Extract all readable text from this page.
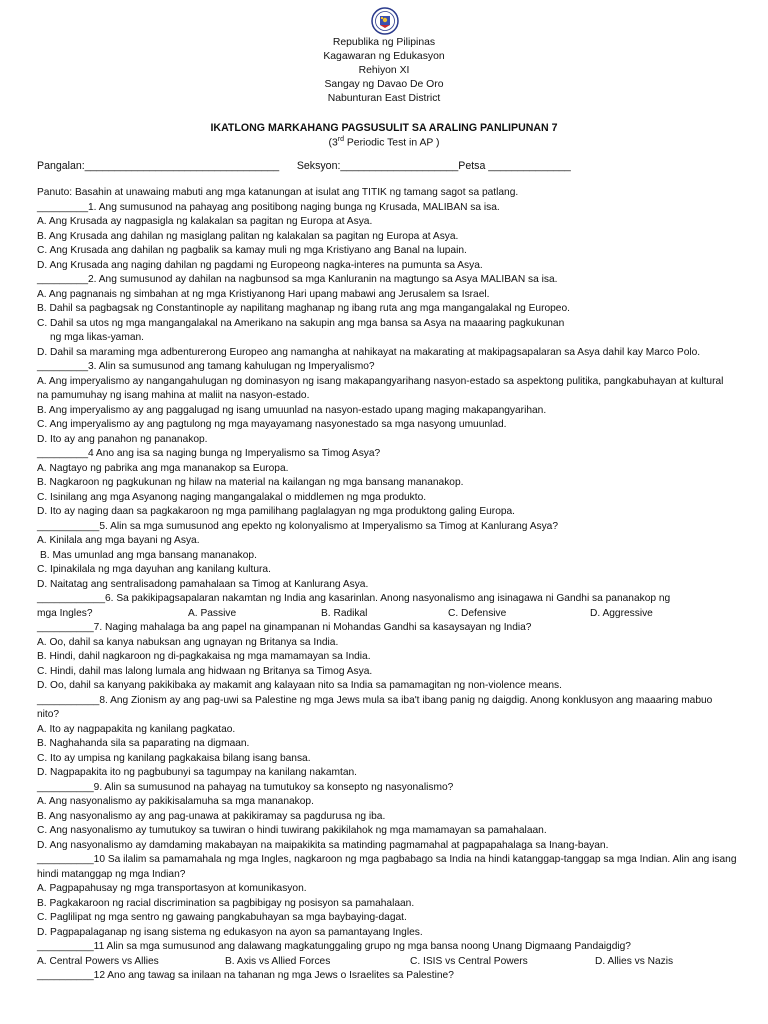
Republika ng Pilipinas
Kagawaran ng Edukasyon
Rehiyon XI
Sangay ng Davao De Oro
Nabunturan East District
IKATLONG MARKAHANG PAGSUSULIT SA ARALING PANLIPUNAN 7
(3rd Periodic Test in AP )
Pangalan:_________________________________ Seksyon:____________________Petsa ______________
Panuto: Basahin at unawaing mabuti ang mga katanungan at isulat ang TITIK ng tamang sagot sa patlang.
_________1. Ang sumusunod na pahayag ang positibong naging bunga ng Krusada, MALIBAN sa isa.
A. Ang Krusada ay nagpasigla ng kalakalan sa pagitan ng Europa at Asya.
B. Ang Krusada ang dahilan ng masiglang palitan ng kalakalan sa pagitan ng Europa at Asya.
C. Ang Krusada ang dahilan ng pagbalik sa kamay muli ng mga Kristiyano ang Banal na lupain.
D. Ang Krusada ang naging dahilan ng pagdami ng Europeong nagka-interes na pumunta sa Asya.
_________2. Ang sumusunod ay dahilan na nagbunsod sa mga Kanluranin na magtungo sa Asya MALIBAN sa isa.
A. Ang pagnanais ng simbahan at ng mga Kristiyanong Hari upang mabawi ang Jerusalem sa Israel.
B. Dahil sa pagbagsak ng Constantinople ay napilitang maghanap ng ibang ruta ang mga mangangalakal ng Europeo.
C. Dahil sa utos ng mga mangangalakal na Amerikano na sakupin ang mga bansa sa Asya na maaaring pagkukunan
ng mga likas-yaman.
D. Dahil sa maraming mga adbenturerong Europeo ang namangha at nahikayat na makarating at makipagsapalaran sa Asya dahil kay Marco Polo.
_________3. Alin sa sumusunod ang tamang kahulugan ng Imperyalismo?
A. Ang imperyalismo ay nangangahulugan ng dominasyon ng isang makapangyarihang nasyon-estado sa aspektong pulitika, pangkabuhayan at kultural na pamumuhay ng isang mahina at maliit na nasyon-estado.
B. Ang imperyalismo ay ang paggalugad ng isang umuunlad na nasyon-estado upang maging makapangyarihan.
C. Ang imperyalismo ay ang pagtulong ng mga mayayamang nasyonestado sa mga nasyong umuunlad.
D. Ito ay ang panahon ng pananakop.
_________4 Ano ang isa sa naging bunga ng Imperyalismo sa Timog Asya?
A. Nagtayo ng pabrika ang mga mananakop sa Europa.
B. Nagkaroon ng pagkukunan ng hilaw na material na kailangan ng mga bansang mananakop.
C. Isinilang ang mga Asyanong naging mangangalakal o middlemen ng mga produkto.
D. Ito ay naging daan sa pagkakaroon ng mga pamilihang paglalagyan ng mga produktong galing Europa.
___________5. Alin sa mga sumusunod ang epekto ng kolonyalismo at Imperyalismo sa Timog at Kanlurang Asya?
A. Kinilala ang mga bayani ng Asya.
B. Mas umunlad ang mga bansang mananakop.
C. Ipinakilala ng mga dayuhan ang kanilang kultura.
D. Naitatag ang sentralisadong pamahalaan sa Timog at Kanlurang Asya.
____________6. Sa pakikipagsapalaran nakamtan ng India ang kasarinlan. Anong nasyonalismo ang isinagawa ni Gandhi sa pananakop ng
mga Ingles?	A. Passive	B. Radikal	C. Defensive	D. Aggressive
__________7. Naging mahalaga ba ang papel na ginampanan ni Mohandas Gandhi sa kasaysayan ng India?
A. Oo, dahil sa kanya nabuksan ang ugnayan ng Britanya sa India.
B. Hindi, dahil nagkaroon ng di-pagkakaisa ng mga mamamayan sa India.
C. Hindi, dahil mas lalong lumala ang hidwaan ng Britanya sa Timog Asya.
D. Oo, dahil sa kanyang pakikibaka ay makamit ang kalayaan nito sa India sa pamamagitan ng non-violence means.
___________8. Ang Zionism ay ang pag-uwi sa Palestine ng mga Jews mula sa iba't ibang panig ng daigdig. Anong konklusyon ang maaaring mabuo nito?
A. Ito ay nagpapakita ng kanilang pagkatao.
B. Naghahanda sila sa paparating na digmaan.
C. Ito ay umpisa ng kanilang pagkakaisa bilang isang bansa.
D. Nagpapakita ito ng pagbubunyi sa tagumpay na kanilang nakamtan.
__________9. Alin sa sumusunod na pahayag na tumutukoy sa konsepto ng nasyonalismo?
A. Ang nasyonalismo ay pakikisalamuha sa mga mananakop.
B. Ang nasyonalismo ay ang pag-unawa at pakikiramay sa pagdurusa ng iba.
C. Ang nasyonalismo ay tumutukoy sa tuwiran o hindi tuwirang pakikilahok ng mga mamamayan sa pamahalaan.
D. Ang nasyonalismo ay damdaming makabayan na maipakikita sa matinding pagmamahal at pagpapahalaga sa Inang-bayan.
__________10 Sa ilalim sa pamamahala ng mga Ingles, nagkaroon ng mga pagbabago sa India na hindi katanggap-tanggap sa mga Indian. Alin ang isang hindi matanggap ng mga Indian?
A. Pagpapahusay ng mga transportasyon at komunikasyon.
B. Pagkakaroon ng racial discrimination sa pagbibigay ng posisyon sa pamahalaan.
C. Paglilipat ng mga sentro ng gawaing pangkabuhayan sa mga baybaying-dagat.
D. Pagpapalaganap ng isang sistema ng edukasyon na ayon sa pamantayang Ingles.
__________11 Alin sa mga sumusunod ang dalawang magkatunggaling grupo ng mga bansa noong Unang Digmaang Pandaigdig?
A. Central Powers vs Allies	B. Axis vs Allied Forces	C. ISIS vs Central Powers	D. Allies vs Nazis
__________12 Ano ang tawag sa inilaan na tahanan ng mga Jews o Israelites sa Palestine?
